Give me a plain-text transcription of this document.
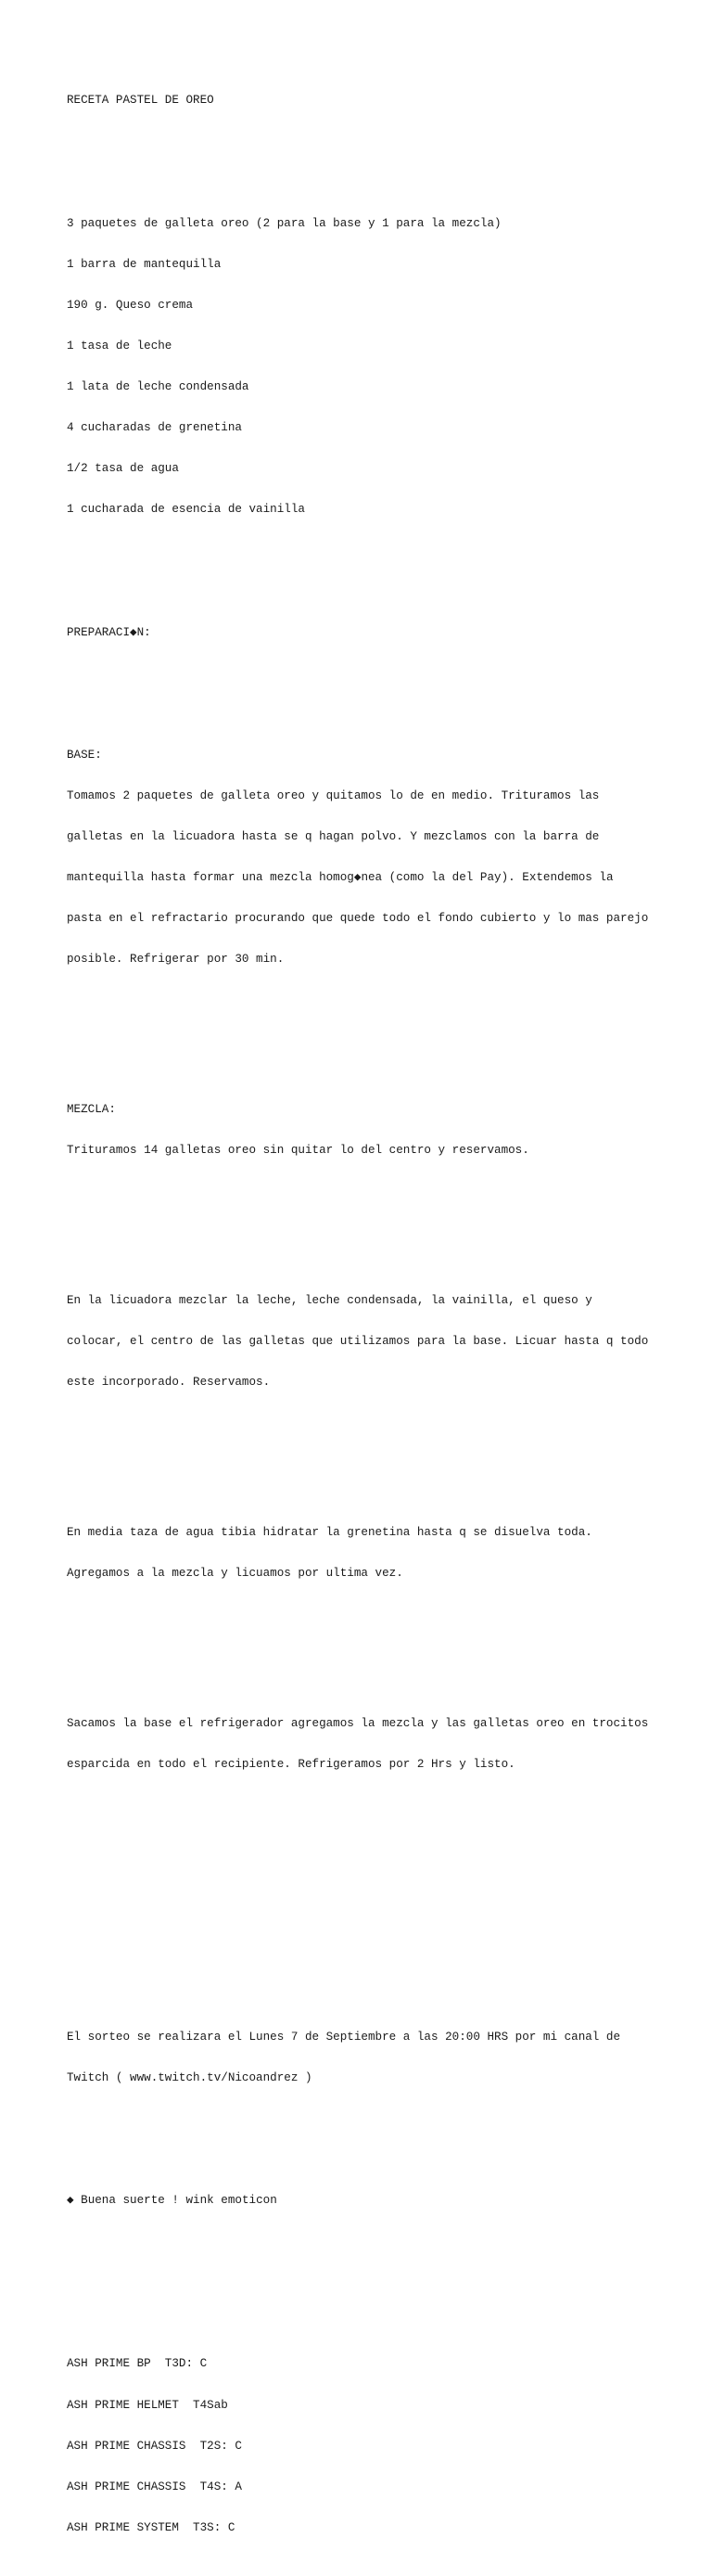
RECETA PASTEL DE OREO

3 paquetes de galleta oreo (2 para la base y 1 para la mezcla)

1 barra de mantequilla

190 g. Queso crema

1 tasa de leche

1 lata de leche condensada

4 cucharadas de grenetina

1/2 tasa de agua

1 cucharada de esencia de vainilla

PREPARACI◆N:

BASE:

Tomamos 2 paquetes de galleta oreo y quitamos lo de en medio. Trituramos las

galletas en la licuadora hasta se q hagan polvo. Y mezclamos con la barra de

mantequilla hasta formar una mezcla homog◆nea (como la del Pay). Extendemos la

pasta en el refractario procurando que quede todo el fondo cubierto y lo mas parejo

posible. Refrigerar por 30 min.

MEZCLA:

Trituramos 14 galletas oreo sin quitar lo del centro y reservamos.

En la licuadora mezclar la leche, leche condensada, la vainilla, el queso y

colocar, el centro de las galletas que utilizamos para la base. Licuar hasta q todo

este incorporado. Reservamos.

En media taza de agua tibia hidratar la grenetina hasta q se disuelva toda.

Agregamos a la mezcla y licuamos por ultima vez.

Sacamos la base el refrigerador agregamos la mezcla y las galletas oreo en trocitos

esparcida en todo el recipiente. Refrigeramos por 2 Hrs y listo.

El sorteo se realizara el Lunes 7 de Septiembre a las 20:00 HRS por mi canal de

Twitch ( www.twitch.tv/Nicoandrez )

◆ Buena suerte ! wink emoticon

ASH PRIME BP  T3D: C

ASH PRIME HELMET  T4Sab

ASH PRIME CHASSIS  T2S: C

ASH PRIME CHASSIS  T4S: A

ASH PRIME SYSTEM  T3S: C
